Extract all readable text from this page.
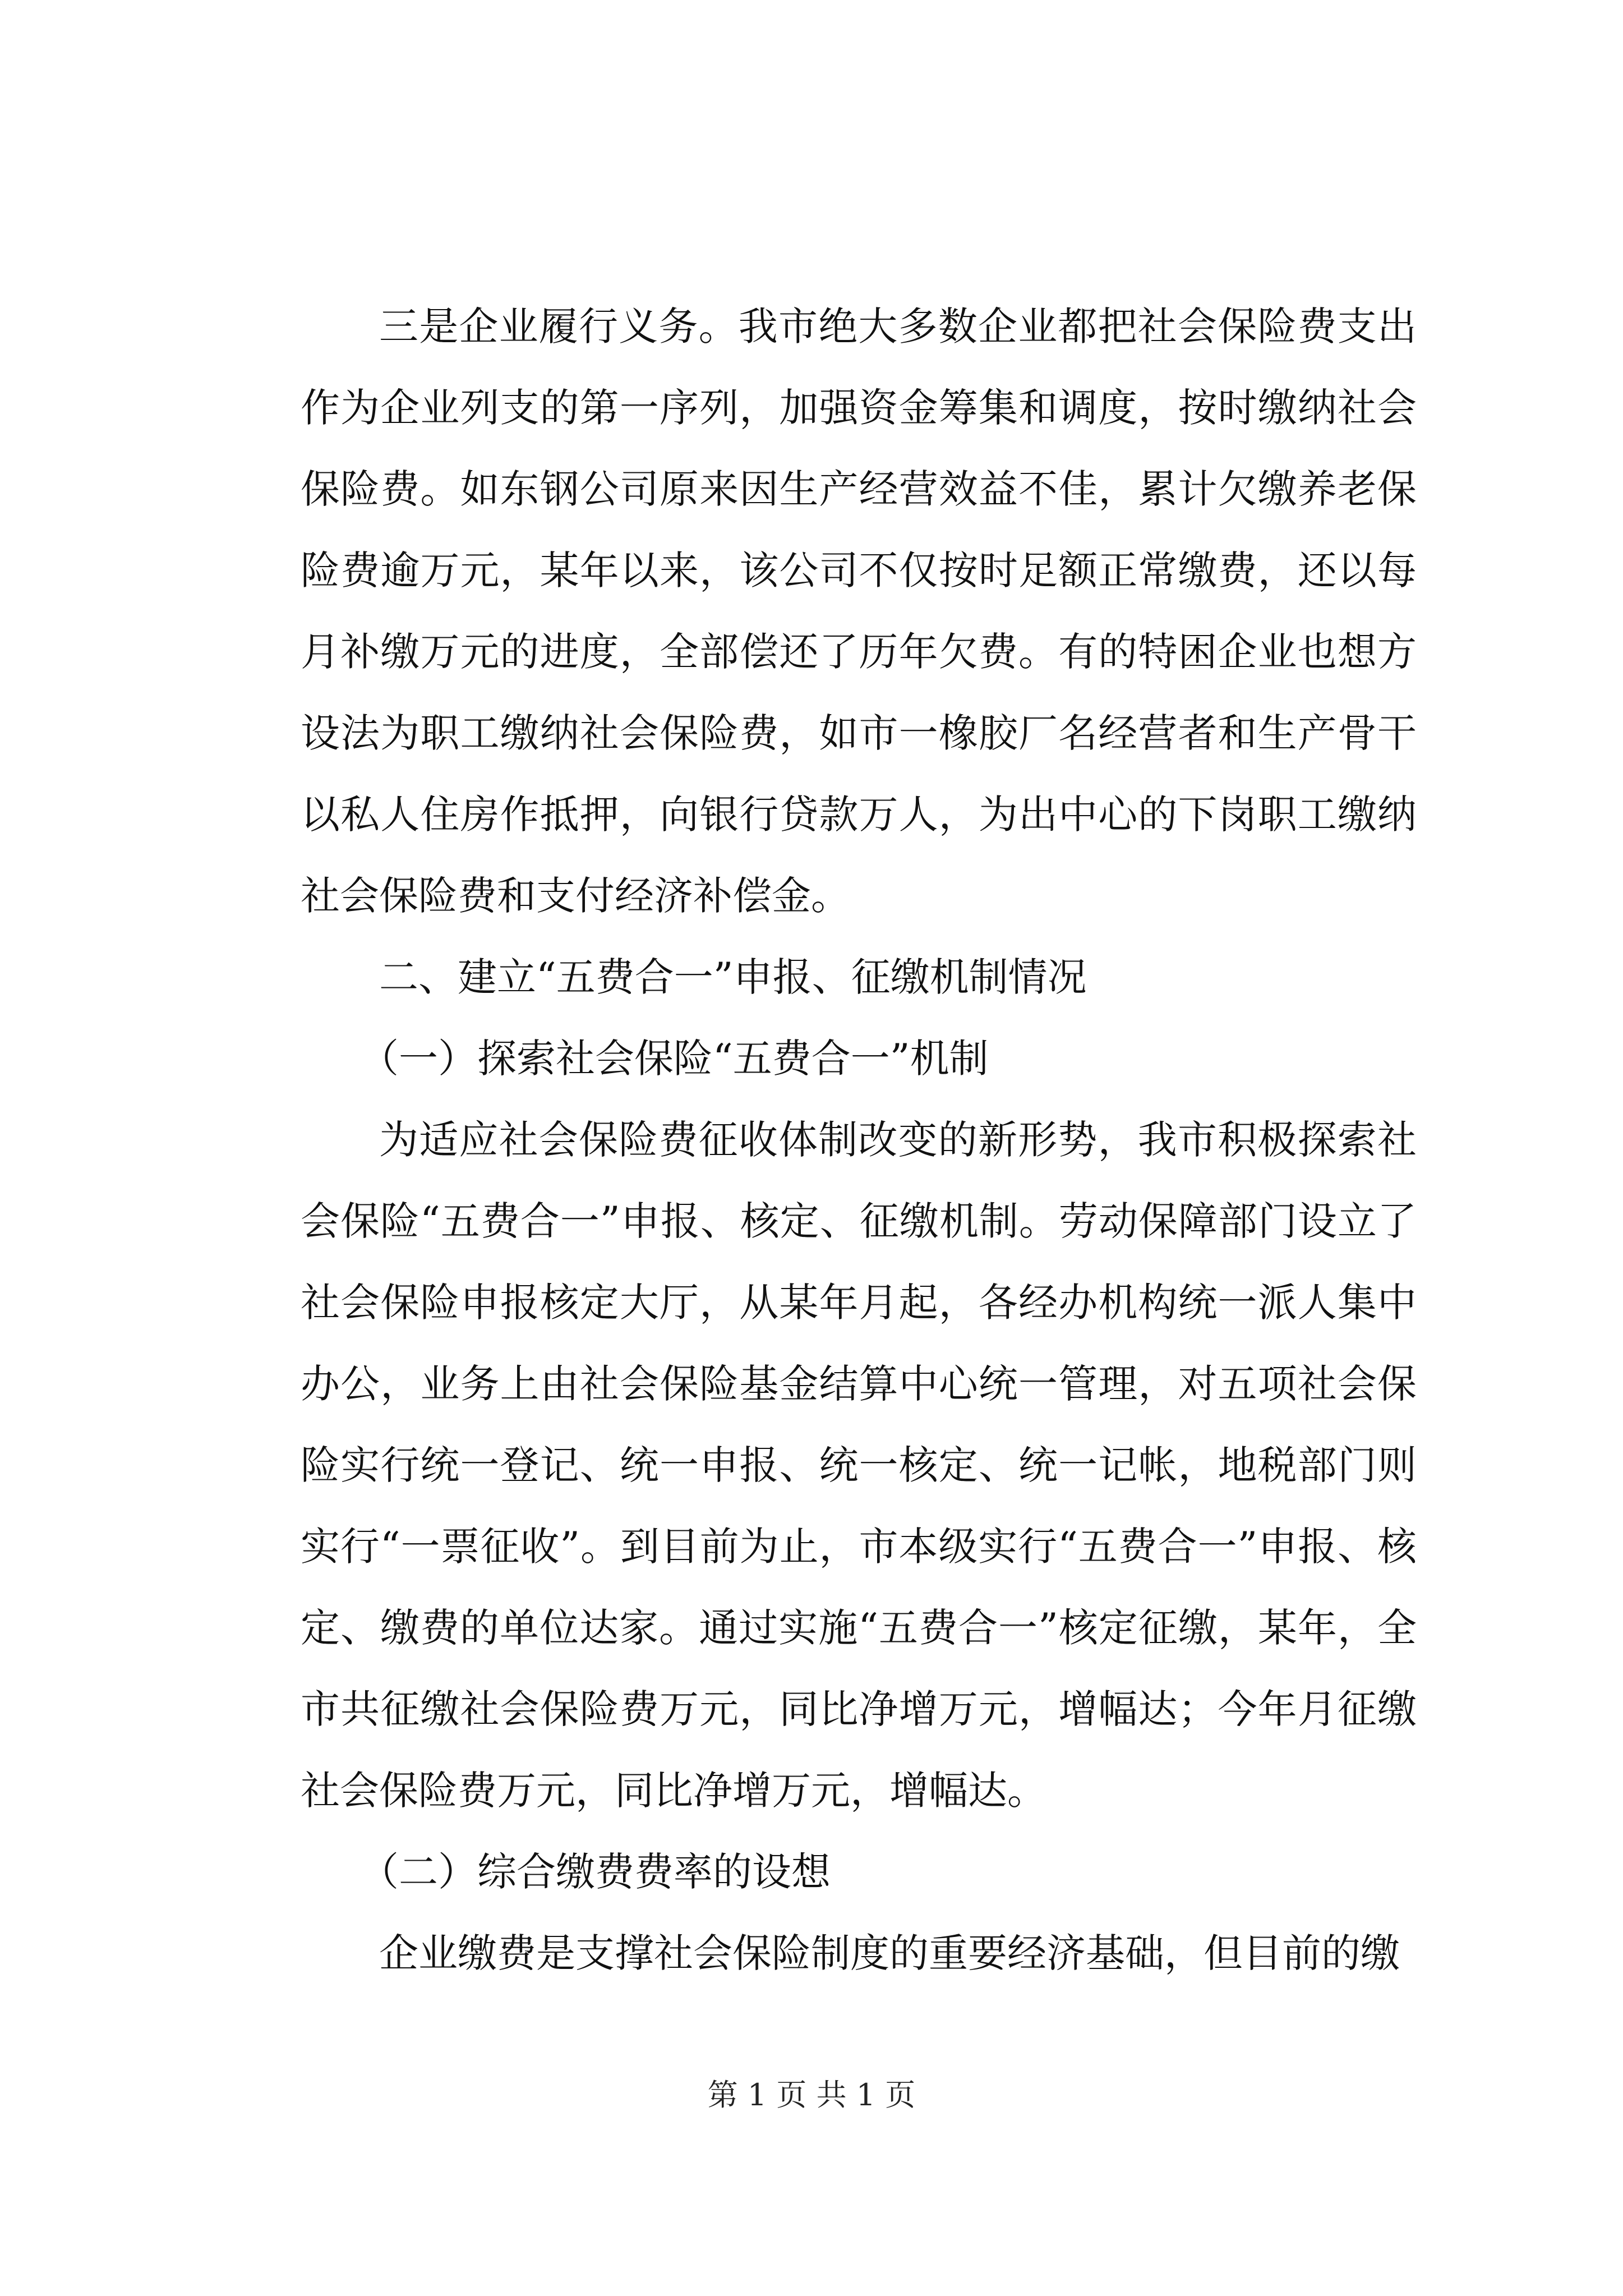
三是企业履行义务。我市绝大多数企业都把社会保险费支出作为企业列支的第一序列，加强资金筹集和调度，按时缴纳社会保险费。如东钢公司原来因生产经营效益不佳，累计欠缴养老保险费逾万元，某年以来，该公司不仅按时足额正常缴费，还以每月补缴万元的进度，全部偿还了历年欠费。有的特困企业也想方设法为职工缴纳社会保险费，如市一橡胶厂名经营者和生产骨干以私人住房作抵押，向银行贷款万人，为出中心的下岗职工缴纳社会保险费和支付经济补偿金。

二、建立“五费合一”申报、征缴机制情况

（一）探索社会保险“五费合一”机制

为适应社会保险费征收体制改变的新形势，我市积极探索社会保险“五费合一”申报、核定、征缴机制。劳动保障部门设立了社会保险申报核定大厅，从某年月起，各经办机构统一派人集中办公，业务上由社会保险基金结算中心统一管理，对五项社会保险实行统一登记、统一申报、统一核定、统一记帐，地税部门则实行“一票征收”。到目前为止，市本级实行“五费合一”申报、核定、缴费的单位达家。通过实施“五费合一”核定征缴，某年，全市共征缴社会保险费万元，同比净增万元，增幅达；今年月征缴社会保险费万元，同比净增万元，增幅达。

（二）综合缴费费率的设想

企业缴费是支撑社会保险制度的重要经济基础，但目前的缴

第 1 页 共 1 页
